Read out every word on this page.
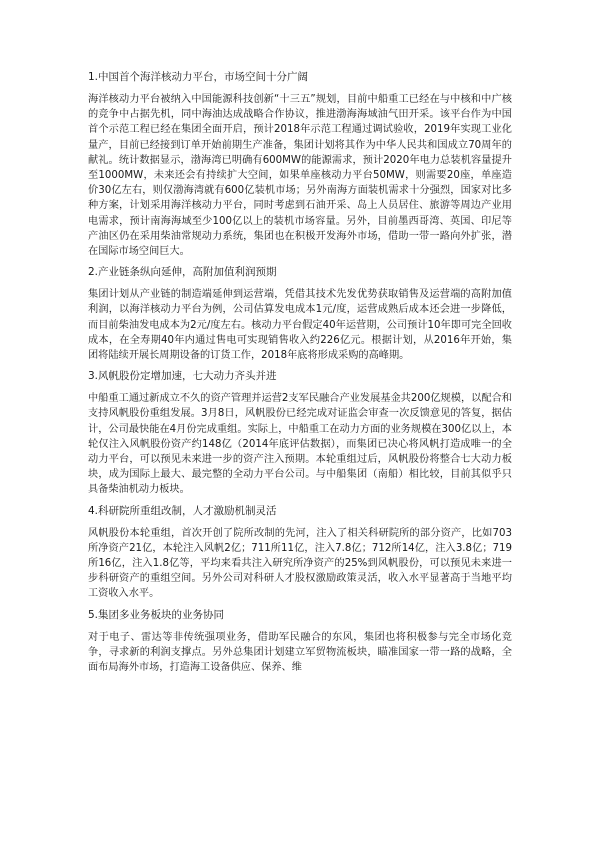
1.中国首个海洋核动力平台，市场空间十分广阔

海洋核动力平台被纳入中国能源科技创新“十三五”规划，目前中船重工已经在与中核和中广核的竞争中占据先机，同中海油达成战略合作协议，推进渤海海域油气田开采。该平台作为中国首个示范工程已经在集团全面开启，预计2018年示范工程通过调试验收，2019年实现工业化量产，目前已经接到订单开始前期生产准备，集团计划将其作为中华人民共和国成立70周年的献礼。统计数据显示，渤海湾已明确有600MW的能源需求，预计2020年电力总装机容量提升至1000MW，未来还会有持续扩大空间，如果单座核动力平台50MW，则需要20座，单座造价30亿左右，则仅渤海湾就有600亿装机市场；另外南海方面装机需求十分强烈，国家对比多种方案，计划采用海洋核动力平台，同时考虑到石油开采、岛上人员居住、旅游等周边产业用电需求，预计南海海域至少100亿以上的装机市场容量。另外，目前墨西哥湾、英国、印尼等产油区仍在采用柴油常规动力系统，集团也在积极开发海外市场，借助一带一路向外扩张，潜在国际市场空间巨大。

2.产业链条纵向延伸，高附加值利润预期

集团计划从产业链的制造端延伸到运营端，凭借其技术先发优势获取销售及运营端的高附加值利润，以海洋核动力平台为例，公司估算发电成本1元/度，运营成熟后成本还会进一步降低，而目前柴油发电成本为2元/度左右。核动力平台假定40年运营期，公司预计10年即可完全回收成本，在全寿期40年内通过售电可实现销售收入约226亿元。根据计划，从2016年开始，集团将陆续开展长周期设备的订货工作，2018年底将形成采购的高峰期。

3.风帆股份定增加速，七大动力齐头并进

中船重工通过新成立不久的资产管理并运营2支军民融合产业发展基金共200亿规模，以配合和支持风帆股份重组发展。3月8日，风帆股份已经完成对证监会审查一次反馈意见的答复，据估计，公司最快能在4月份完成重组。实际上，中船重工在动力方面的业务规模在300亿以上，本轮仅注入风帆股份资产约148亿（2014年底评估数据），而集团已决心将风帆打造成唯一的全动力平台，可以预见未来进一步的资产注入预期。本轮重组过后，风帆股份将整合七大动力板块，成为国际上最大、最完整的全动力平台公司。与中船集团（南船）相比较，目前其似乎只具备柴油机动力板块。

4.科研院所重组改制，人才激励机制灵活

风帆股份本轮重组，首次开创了院所改制的先河，注入了相关科研院所的部分资产，比如703所净资产21亿，本轮注入风帆2亿；711所11亿，注入7.8亿；712所14亿，注入3.8亿；719所16亿，注入1.8亿等，平均来看共注入研究所净资产的25%到风帆股份，可以预见未来进一步科研资产的重组空间。另外公司对科研人才股权激励政策灵活，收入水平显著高于当地平均工资收入水平。

5.集团多业务板块的业务协同

对于电子、雷达等非传统强项业务，借助军民融合的东风，集团也将积极参与完全市场化竞争，寻求新的利润支撑点。另外总集团计划建立军贸物流板块，瞄准国家一带一路的战略，全面布局海外市场，打造海工设备供应、保养、维
